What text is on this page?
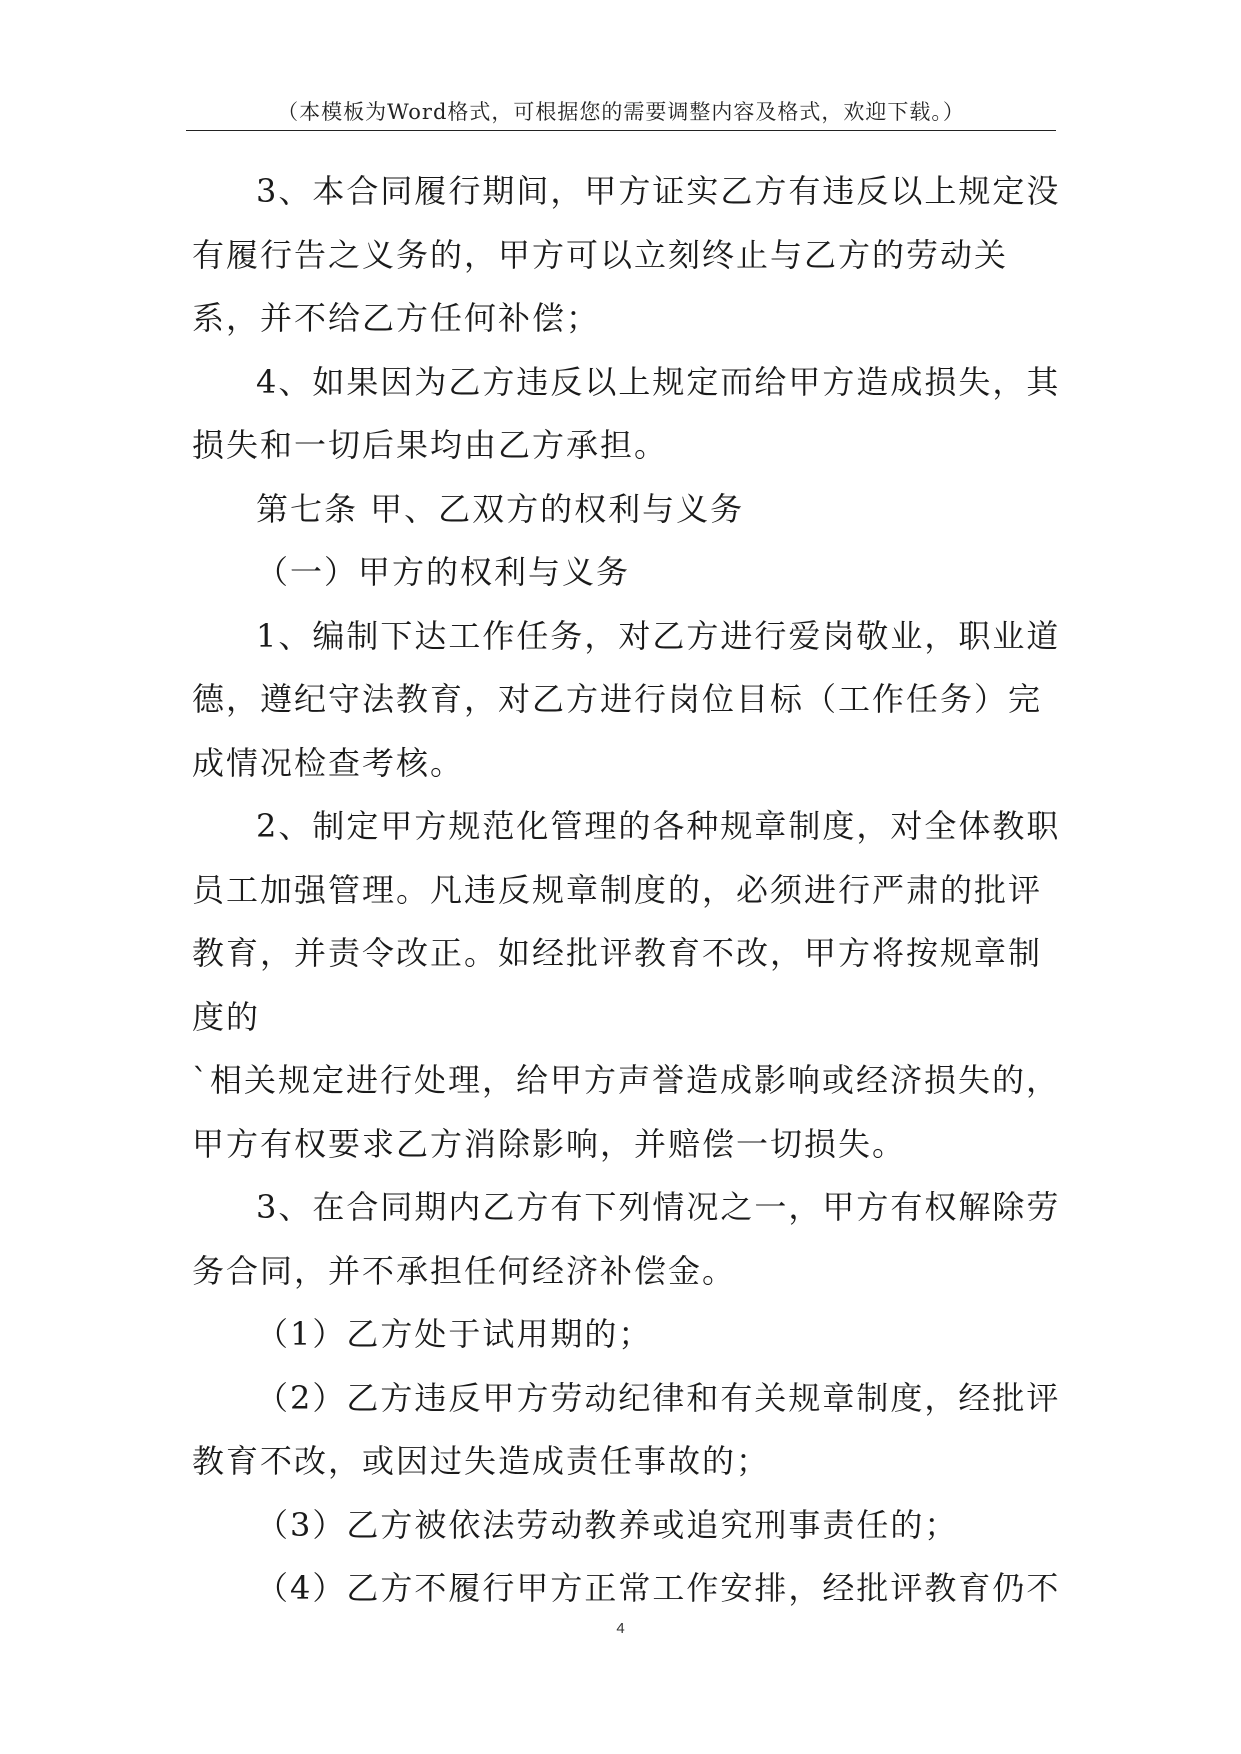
（本模板为Word格式，可根据您的需要调整内容及格式，欢迎下载。）

3、本合同履行期间，甲方证实乙方有违反以上规定没有履行告之义务的，甲方可以立刻终止与乙方的劳动关系，并不给乙方任何补偿；

4、如果因为乙方违反以上规定而给甲方造成损失，其损失和一切后果均由乙方承担。

第七条 甲、乙双方的权利与义务

（一）甲方的权利与义务

1、编制下达工作任务，对乙方进行爱岗敬业，职业道德，遵纪守法教育，对乙方进行岗位目标（工作任务）完成情况检查考核。

2、制定甲方规范化管理的各种规章制度，对全体教职员工加强管理。凡违反规章制度的，必须进行严肃的批评教育，并责令改正。如经批评教育不改，甲方将按规章制度的

`相关规定进行处理，给甲方声誉造成影响或经济损失的，

甲方有权要求乙方消除影响，并赔偿一切损失。

3、在合同期内乙方有下列情况之一，甲方有权解除劳务合同，并不承担任何经济补偿金。

（1）乙方处于试用期的；

（2）乙方违反甲方劳动纪律和有关规章制度，经批评教育不改，或因过失造成责任事故的；

（3）乙方被依法劳动教养或追究刑事责任的；

（4）乙方不履行甲方正常工作安排，经批评教育仍不

4
